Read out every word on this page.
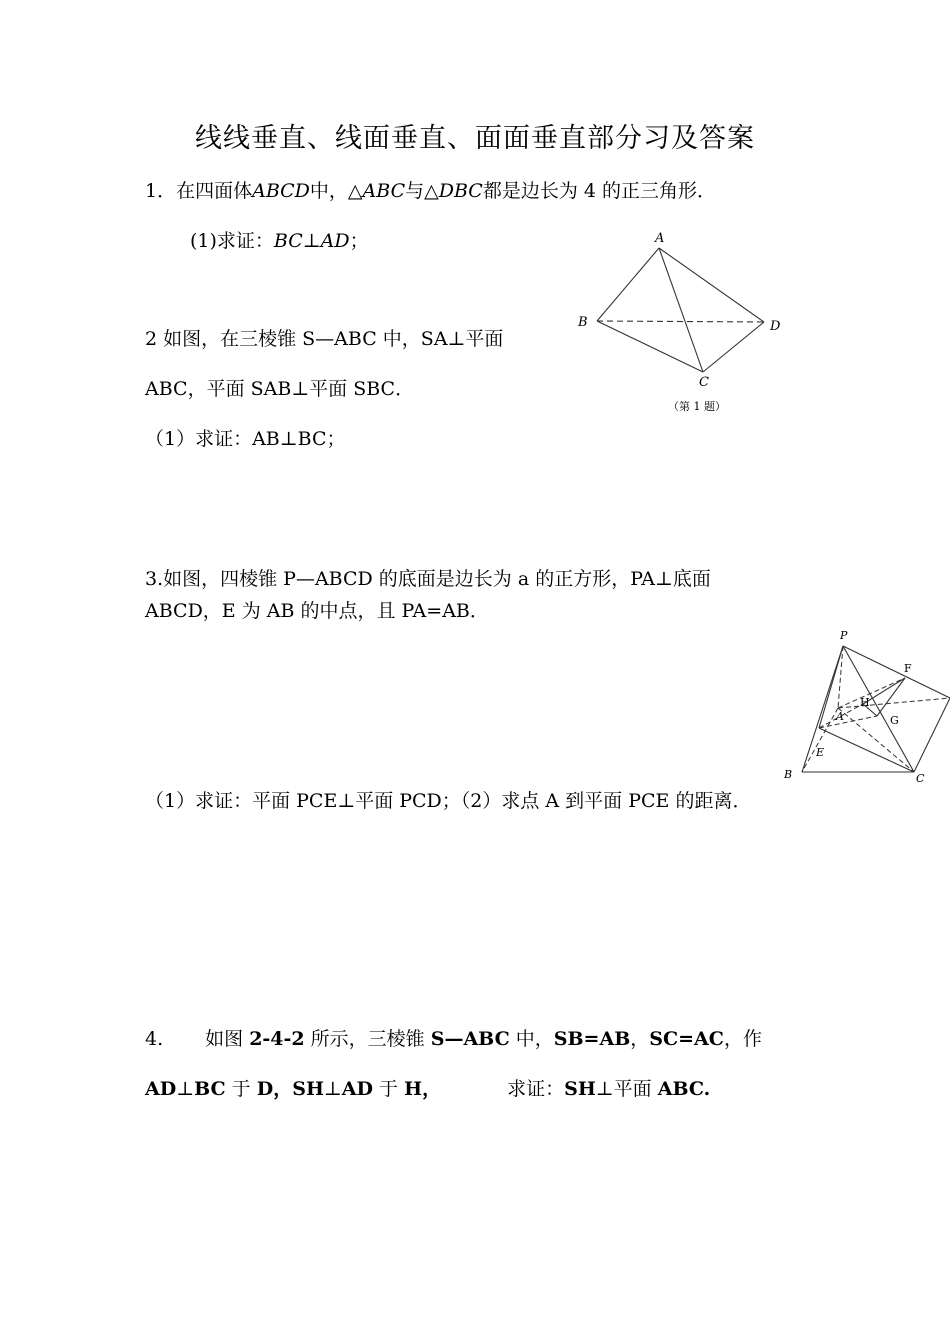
线线垂直、线面垂直、面面垂直部分习及答案
1．在四面体ABCD中，△ABC与△DBC都是边长为 4 的正三角形．
(1)求证：BC⊥AD；	A
B
C
D
（第 1 题）
2 如图，在三棱锥 S—ABC 中，SA⊥平面
ABC，平面 SAB⊥平面 SBC．
（1）求证：AB⊥BC；
3.如图，四棱锥 P—ABCD 的底面是边长为 a 的正方形，PA⊥底面
ABCD，E 为 AB 的中点，且 PA=AB．
P
F
H
A	G
E
B	C
（1）求证：平面 PCE⊥平面 PCD；（2）求点 A 到平面 PCE 的距离．
4. 如图 2-4-2 所示，三棱锥 S—ABC 中，SB=AB，SC=AC，作
AD⊥BC 于 D，SH⊥AD 于 H，	求证：SH⊥平面 ABC.
